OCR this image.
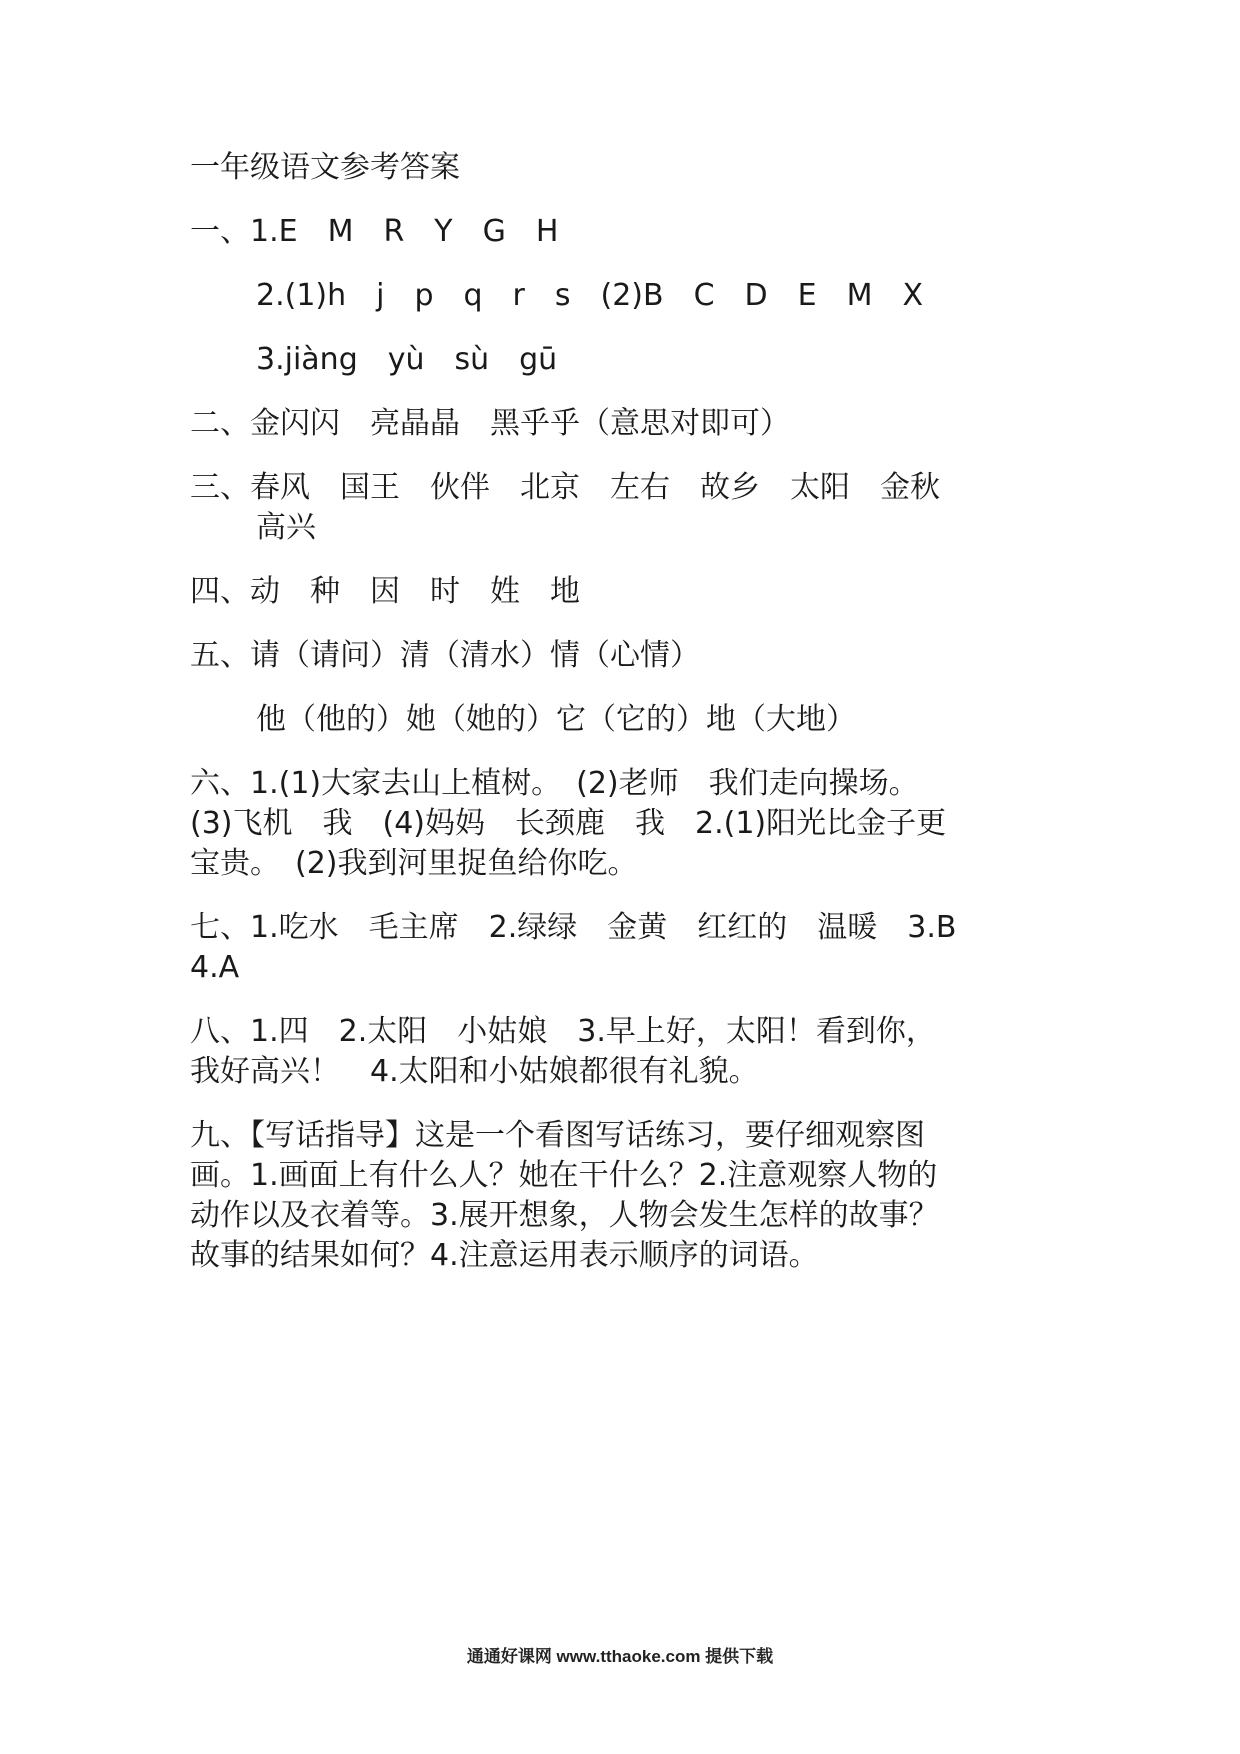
一年级语文参考答案
一、1.E　M　R　Y　G　H
2.(1)h　j　p　q　r　s　(2)B　C　D　E　M　X
3.jiàng　yù　sù　gū
二、金闪闪　亮晶晶　黑乎乎（意思对即可）
三、春风　国王　伙伴　北京　左右　故乡　太阳　金秋
高兴
四、动　种　因　时　姓　地
五、请（请问）清（清水）情（心情）
他（他的）她（她的）它（它的）地（大地）
六、1.(1)大家去山上植树。　(2)老师　我们走向操场。
(3)飞机　我　(4)妈妈　长颈鹿　我　2.(1)阳光比金子更
宝贵。　(2)我到河里捉鱼给你吃。
七、1.吃水　毛主席　2.绿绿　金黄　红红的　温暖　3.B
4.A
八、1.四　2.太阳　小姑娘　3.早上好，太阳！看到你，
我好高兴！　4.太阳和小姑娘都很有礼貌。
九、【写话指导】这是一个看图写话练习，要仔细观察图
画。1.画面上有什么人？她在干什么？2.注意观察人物的
动作以及衣着等。3.展开想象，人物会发生怎样的故事？
故事的结果如何？4.注意运用表示顺序的词语。
通通好课网 www.tthaoke.com 提供下载
